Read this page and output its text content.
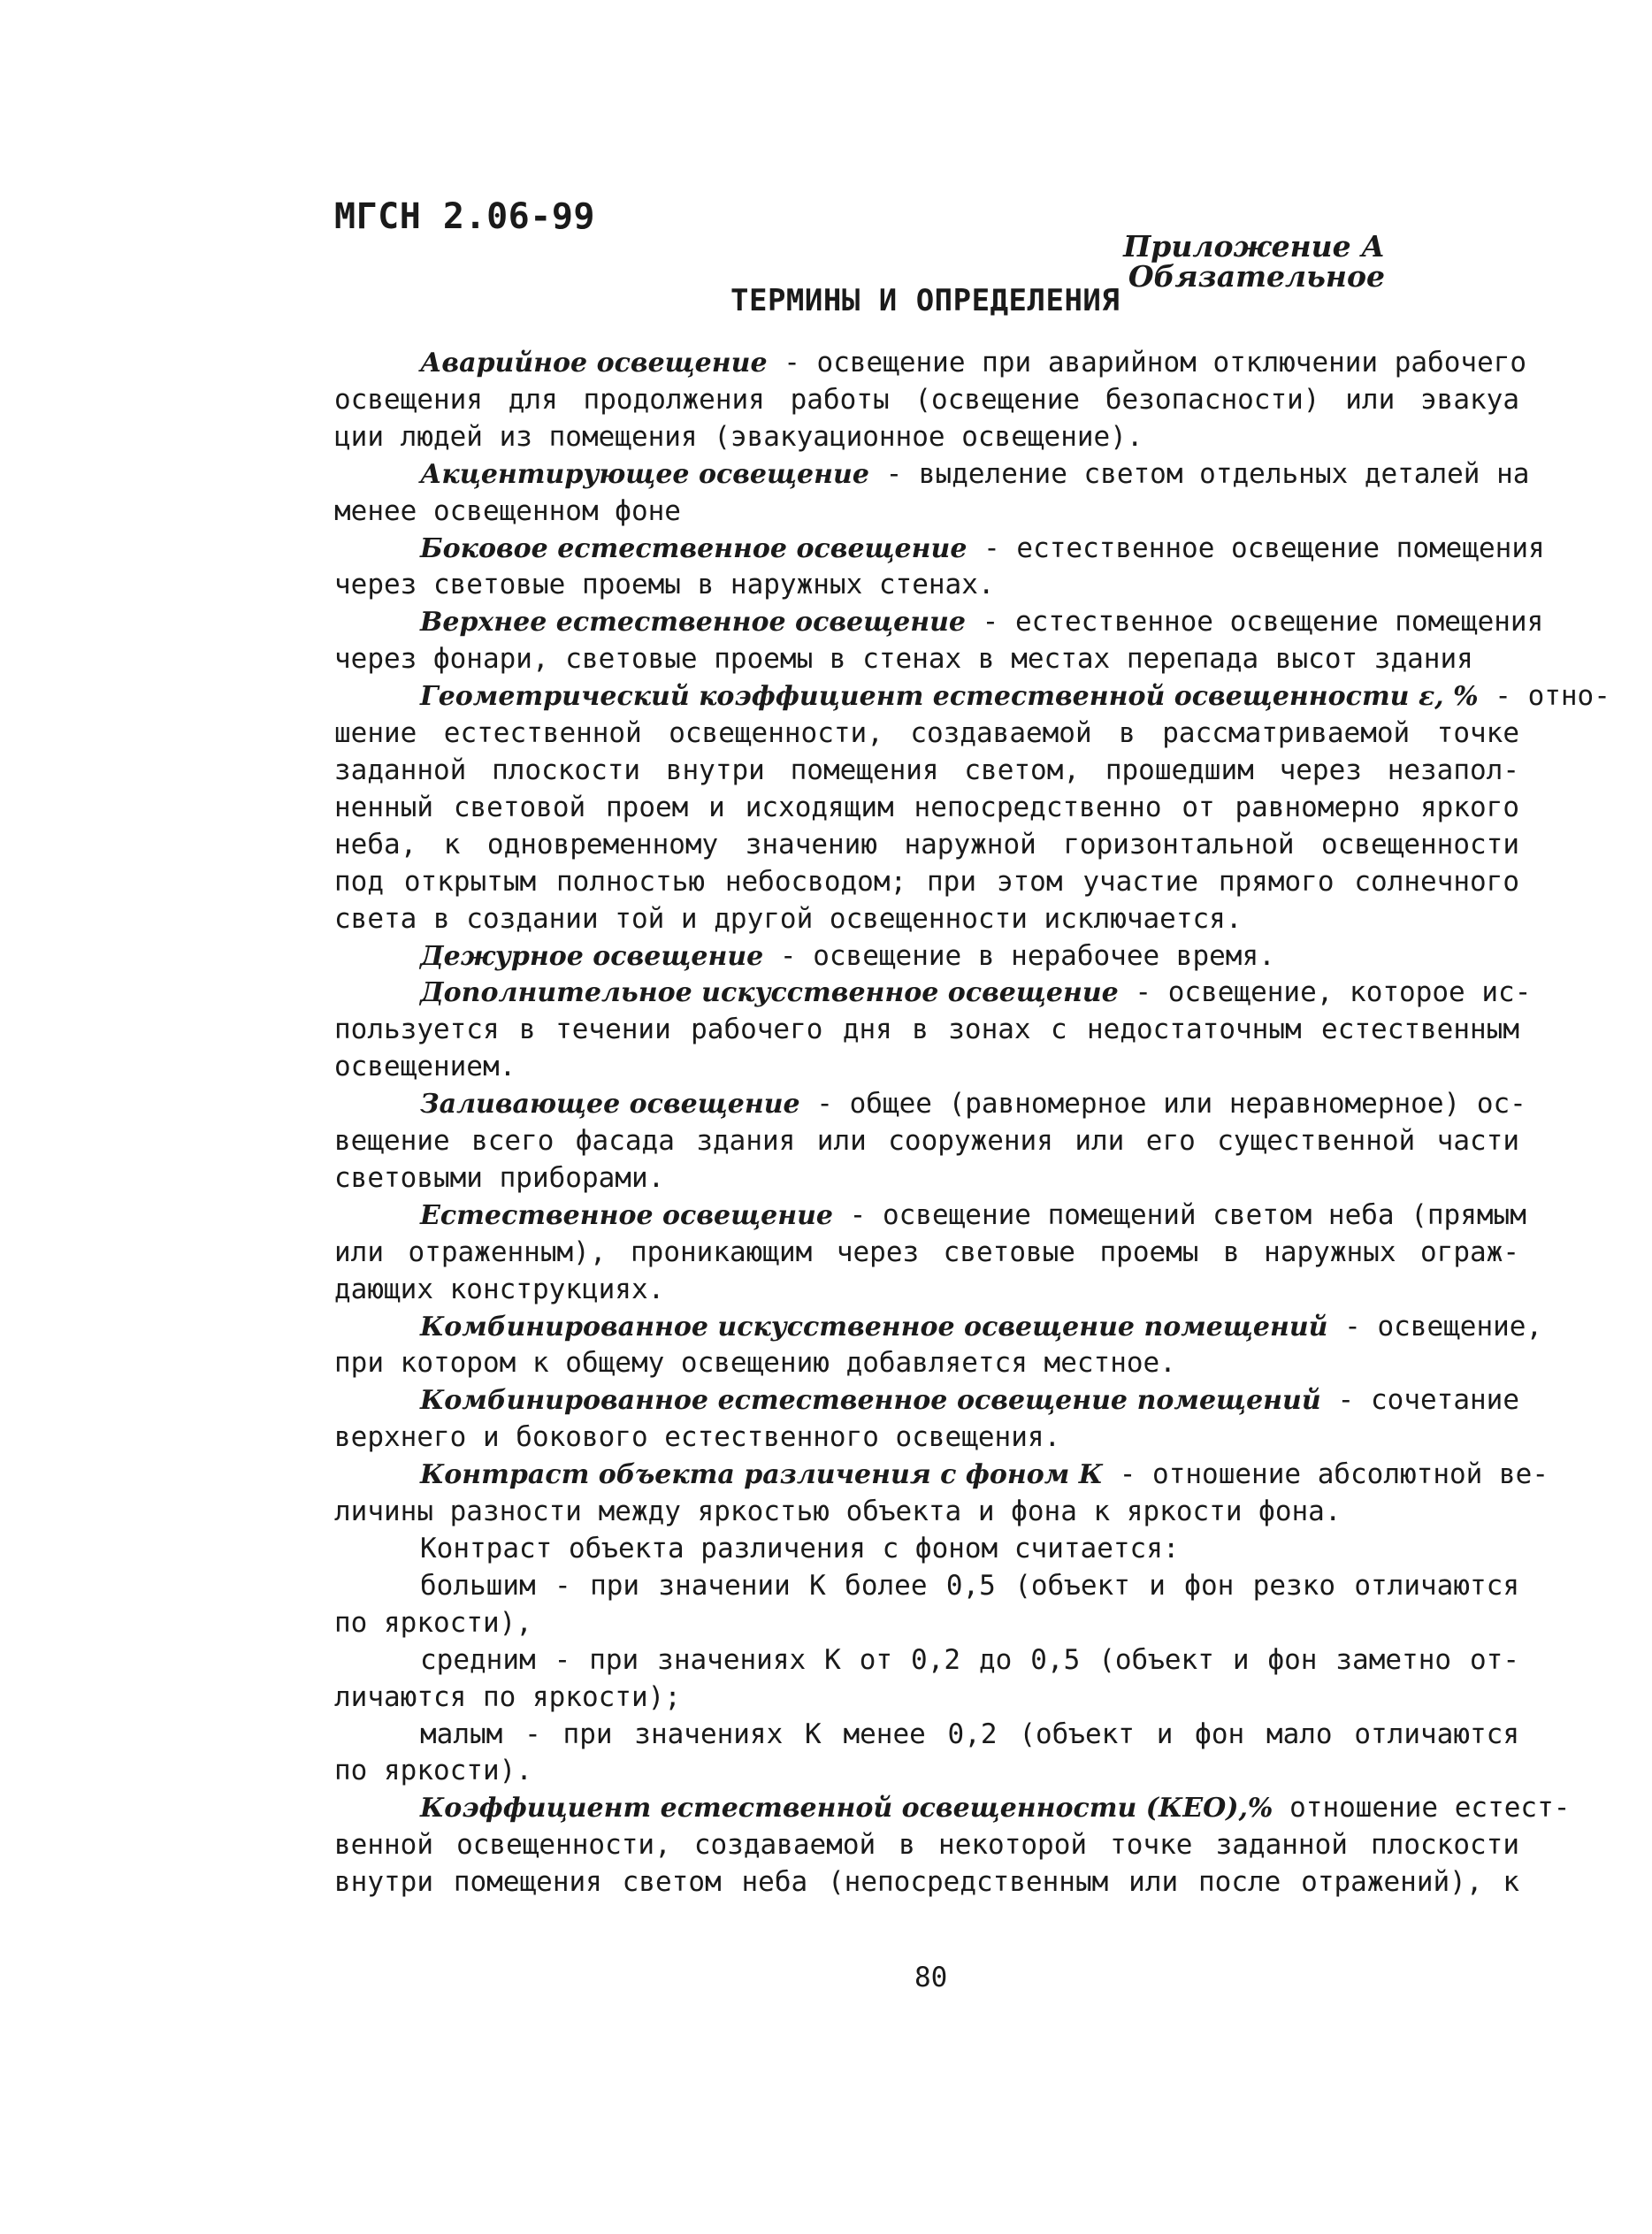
МГСН 2.06-99
Приложение А
Обязательное
ТЕРМИНЫ И ОПРЕДЕЛЕНИЯ
Аварийное освещение - освещение при аварийном отключении рабочего
освещения для продолжения работы (освещение безопасности) или эвакуа
ции людей из помещения (эвакуационное освещение).
Акцентирующее освещение - выделение светом отдельных деталей на
менее освещенном фоне
Боковое естественное освещение - естественное освещение помещения
через световые проемы в наружных стенах.
Верхнее естественное освещение - естественное освещение помещения
через фонари, световые проемы в стенах в местах перепада высот здания
Геометрический коэффициент естественной освещенности ε, % - отно-
шение естественной освещенности, создаваемой в рассматриваемой точке
заданной плоскости внутри помещения светом, прошедшим через незапол-
ненный световой проем и исходящим непосредственно от равномерно яркого
неба, к одновременному значению наружной горизонтальной освещенности
под открытым полностью небосводом; при этом участие прямого солнечного
света в создании той и другой освещенности исключается.
Дежурное освещение - освещение в нерабочее время.
Дополнительное искусственное освещение - освещение, которое ис-
пользуется в течении рабочего дня в зонах с недостаточным естественным
освещением.
Заливающее освещение - общее (равномерное или неравномерное) ос-
вещение всего фасада здания или сооружения или его существенной части
световыми приборами.
Естественное освещение - освещение помещений светом неба (прямым
или отраженным), проникающим через световые проемы в наружных ограж-
дающих конструкциях.
Комбинированное искусственное освещение помещений - освещение,
при котором к общему освещению добавляется местное.
Комбинированное естественное освещение помещений - сочетание
верхнего и бокового естественного освещения.
Контраст объекта различения с фоном К - отношение абсолютной ве-
личины разности между яркостью объекта и фона к яркости фона.
Контраст объекта различения с фоном считается:
большим - при значении К более 0,5 (объект и фон резко отличаются
по яркости),
средним - при значениях К от 0,2 до 0,5 (объект и фон заметно от-
личаются по яркости);
малым - при значениях К менее 0,2 (объект и фон мало отличаются
по яркости).
Коэффициент естественной освещенности (КЕО),% отношение естест-
венной освещенности, создаваемой в некоторой точке заданной плоскости
внутри помещения светом неба (непосредственным или после отражений), к
80
